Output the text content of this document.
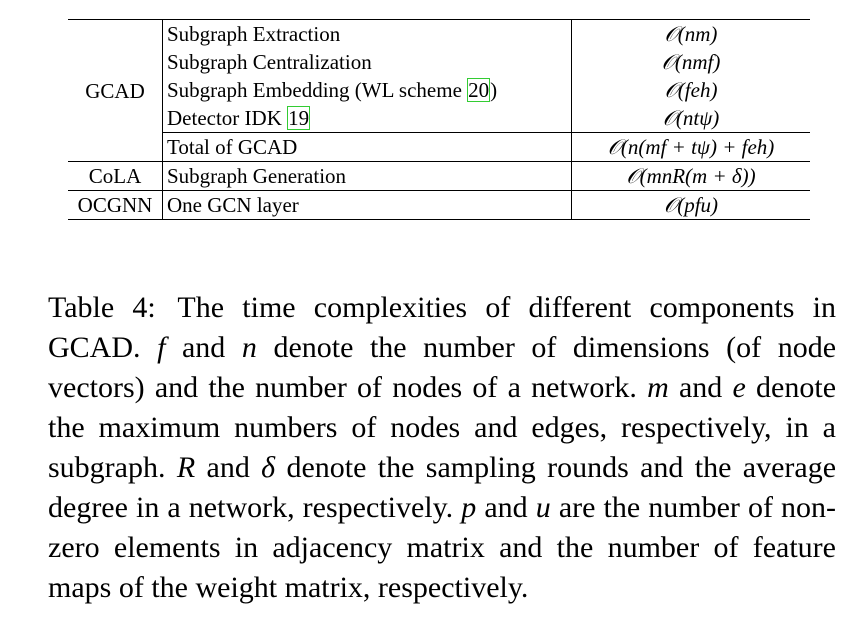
GCAD	Subgraph Extraction	𝒪(nm)
	Subgraph Centralization	𝒪(nmf)
	Subgraph Embedding (WL scheme 20)	𝒪(feh)
	Detector IDK 19	𝒪(ntψ)
	Total of GCAD	𝒪(n(mf + tψ) + feh)
CoLA	Subgraph Generation	𝒪(mnR(m + δ))
OCGNN	One GCN layer	𝒪(pfu)

Table 4: The time complexities of different components in GCAD. f and n denote the number of dimensions (of node vectors) and the number of nodes of a network. m and e denote the maximum numbers of nodes and edges, respectively, in a subgraph. R and δ denote the sampling rounds and the average degree in a network, respectively. p and u are the number of non-zero elements in adjacency matrix and the number of feature maps of the weight matrix, respectively.
